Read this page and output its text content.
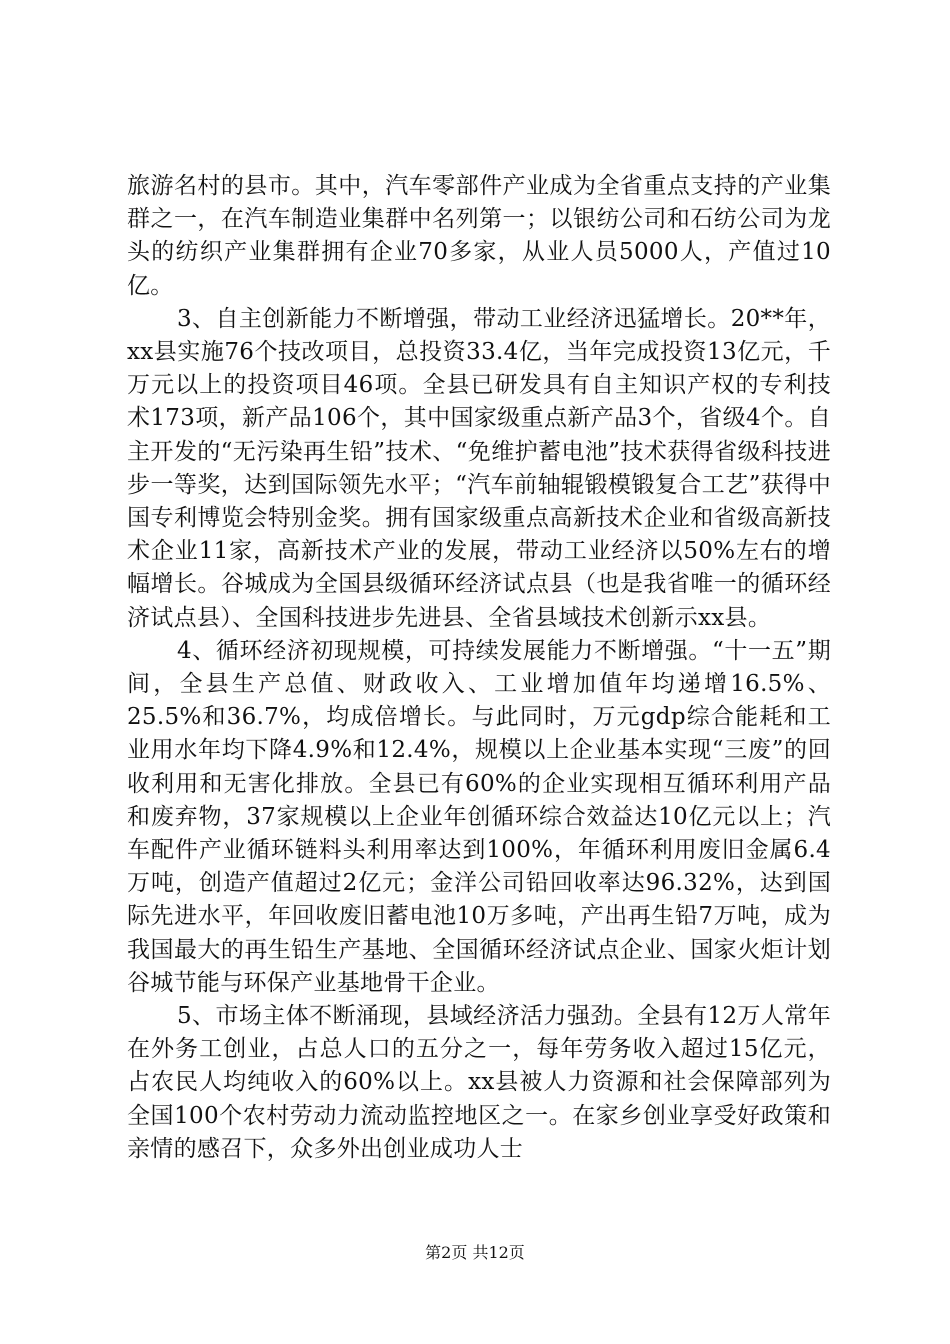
旅游名村的县市。其中，汽车零部件产业成为全省重点支持的产业集群之一，在汽车制造业集群中名列第一；以银纺公司和石纺公司为龙头的纺织产业集群拥有企业70多家，从业人员5000人，产值过10亿。

3、自主创新能力不断增强，带动工业经济迅猛增长。20**年，xx县实施76个技改项目，总投资33.4亿，当年完成投资13亿元，千万元以上的投资项目46项。全县已研发具有自主知识产权的专利技术173项，新产品106个，其中国家级重点新产品3个，省级4个。自主开发的“无污染再生铅”技术、“免维护蓄电池”技术获得省级科技进步一等奖，达到国际领先水平；“汽车前轴辊锻模锻复合工艺”获得中国专利博览会特别金奖。拥有国家级重点高新技术企业和省级高新技术企业11家，高新技术产业的发展，带动工业经济以50%左右的增幅增长。谷城成为全国县级循环经济试点县（也是我省唯一的循环经济试点县）、全国科技进步先进县、全省县域技术创新示xx县。

4、循环经济初现规模，可持续发展能力不断增强。“十一五”期间，全县生产总值、财政收入、工业增加值年均递增16.5%、25.5%和36.7%，均成倍增长。与此同时，万元gdp综合能耗和工业用水年均下降4.9%和12.4%，规模以上企业基本实现“三废”的回收利用和无害化排放。全县已有60%的企业实现相互循环利用产品和废弃物，37家规模以上企业年创循环综合效益达10亿元以上；汽车配件产业循环链料头利用率达到100%，年循环利用废旧金属6.4万吨，创造产值超过2亿元；金洋公司铅回收率达96.32%，达到国际先进水平，年回收废旧蓄电池10万多吨，产出再生铅7万吨，成为我国最大的再生铅生产基地、全国循环经济试点企业、国家火炬计划谷城节能与环保产业基地骨干企业。

5、市场主体不断涌现，县域经济活力强劲。全县有12万人常年在外务工创业，占总人口的五分之一，每年劳务收入超过15亿元，占农民人均纯收入的60%以上。xx县被人力资源和社会保障部列为全国100个农村劳动力流动监控地区之一。在家乡创业享受好政策和亲情的感召下，众多外出创业成功人士

第2页 共12页
